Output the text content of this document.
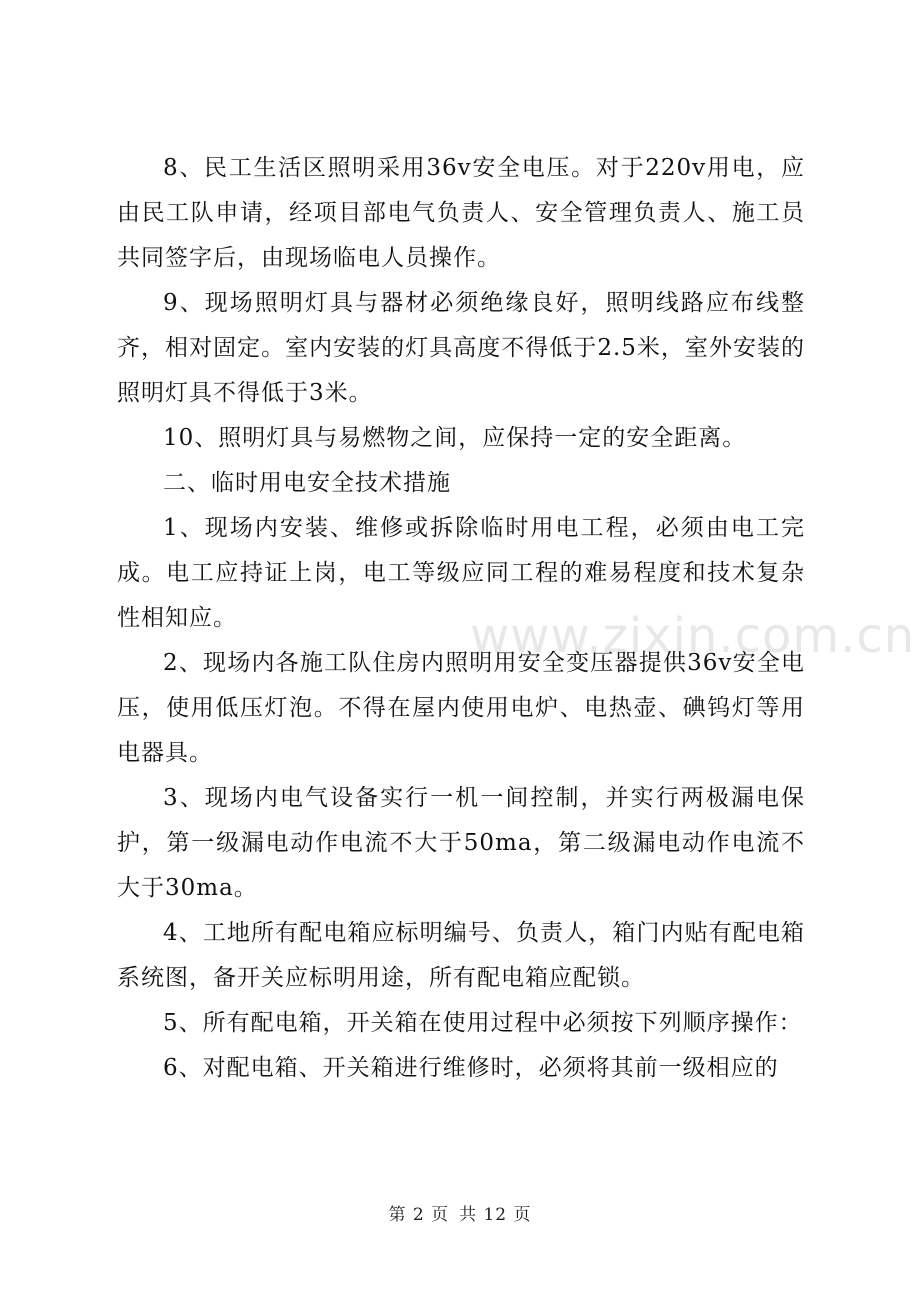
8、民工生活区照明采用36v安全电压。对于220v用电，应由民工队申请，经项目部电气负责人、安全管理负责人、施工员共同签字后，由现场临电人员操作。

9、现场照明灯具与器材必须绝缘良好，照明线路应布线整齐，相对固定。室内安装的灯具高度不得低于2.5米，室外安装的照明灯具不得低于3米。

10、照明灯具与易燃物之间，应保持一定的安全距离。

二、临时用电安全技术措施

1、现场内安装、维修或拆除临时用电工程，必须由电工完成。电工应持证上岗，电工等级应同工程的难易程度和技术复杂性相知应。

2、现场内各施工队住房内照明用安全变压器提供36v安全电压，使用低压灯泡。不得在屋内使用电炉、电热壶、碘钨灯等用电器具。

3、现场内电气设备实行一机一间控制，并实行两极漏电保护，第一级漏电动作电流不大于50ma，第二级漏电动作电流不大于30ma。

4、工地所有配电箱应标明编号、负责人，箱门内贴有配电箱系统图，备开关应标明用途，所有配电箱应配锁。

5、所有配电箱，开关箱在使用过程中必须按下列顺序操作：

6、对配电箱、开关箱进行维修时，必须将其前一级相应的

www.zixin.com.cn
第 2 页 共 12 页
